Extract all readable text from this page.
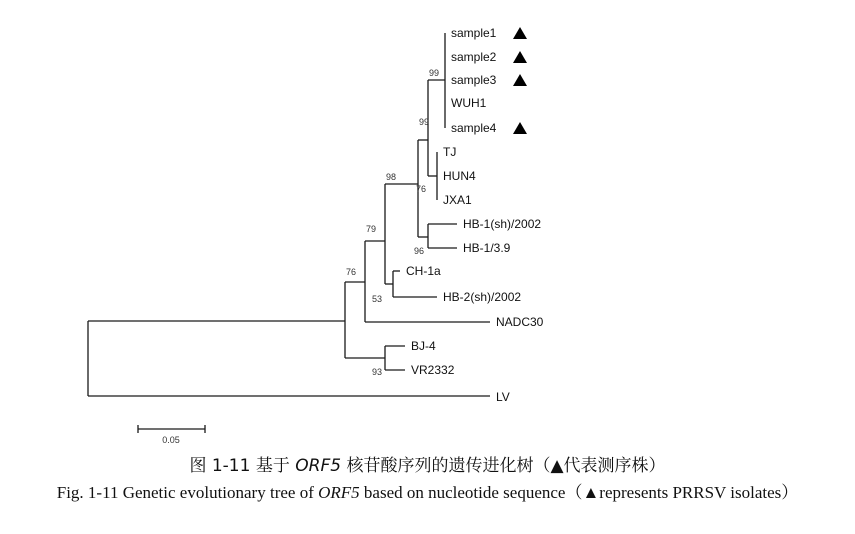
sample1
sample2
sample3
WUH1
sample4
TJ
HUN4
JXA1
HB-1(sh)/2002
HB-1/3.9
CH-1a
HB-2(sh)/2002
NADC30
BJ-4
VR2332
LV
99
99
98
76
96
79
53
76
93
0.05

图 1-11 基于 ORF5 核苷酸序列的遗传进化树（▲代表测序株）

Fig. 1-11 Genetic evolutionary tree of ORF5 based on nucleotide sequence（▲represents PRRSV isolates）
